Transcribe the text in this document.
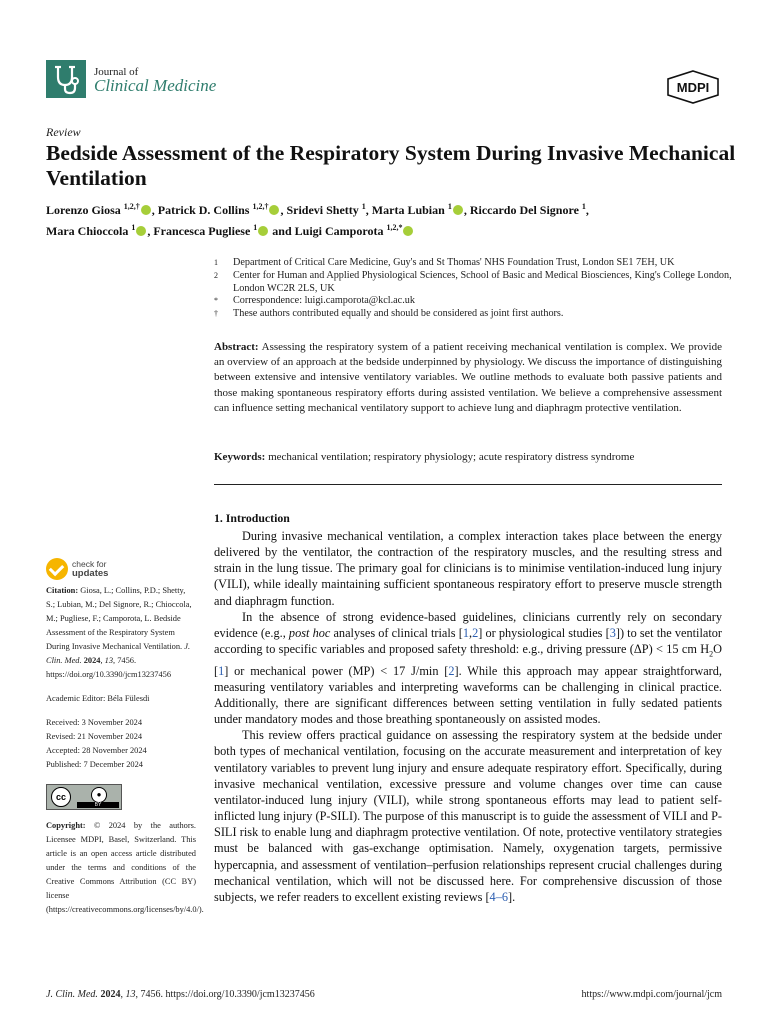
Journal of
Clinical Medicine	MDPI
Review
Bedside Assessment of the Respiratory System During Invasive Mechanical Ventilation
Lorenzo Giosa $^{1,2,\dagger}$ , Patrick D. Collins $^{1,2,\dagger}$ , Sridevi Shetty $^1$, Marta Lubian $^1$ , Riccardo Del Signore $^1$,
Mara Chioccola $^1$ , Francesca Pugliese $^1$ and Luigi Camporota $^{1,2,*}$
1	Department of Critical Care Medicine, Guy's and St Thomas' NHS Foundation Trust, London SE1 7EH, UK
2	Center for Human and Applied Physiological Sciences, School of Basic and Medical Biosciences, King's College London, London WC2R 2LS, UK
*	Correspondence: luigi.camporota@kcl.ac.uk
†	These authors contributed equally and should be considered as joint first authors.
Abstract: Assessing the respiratory system of a patient receiving mechanical ventilation is complex. We provide an overview of an approach at the bedside underpinned by physiology. We discuss the importance of distinguishing between extensive and intensive ventilatory variables. We outline methods to evaluate both passive patients and those making spontaneous respiratory efforts during assisted ventilation. We believe a comprehensive assessment can influence setting mechanical ventilatory support to achieve lung and diaphragm protective ventilation.
Keywords: mechanical ventilation; respiratory physiology; acute respiratory distress syndrome
check for
updates

Citation: Giosa, L.; Collins, P.D.; Shetty, S.; Lubian, M.; Del Signore, R.; Chioccola, M.; Pugliese, F.; Camporota, L. Bedside Assessment of the Respiratory System During Invasive Mechanical Ventilation. J. Clin. Med. 2024, 13, 7456. https://doi.org/10.3390/jcm13237456

Academic Editor: Béla Fülesdi

Received: 3 November 2024

Revised: 21 November 2024

Accepted: 28 November 2024

Published: 7 December 2024

cc	●
BY

Copyright: © 2024 by the authors. Licensee MDPI, Basel, Switzerland. This article is an open access article distributed under the terms and conditions of the Creative Commons Attribution (CC BY) license (https://creativecommons.org/licenses/by/4.0/).

1. Introduction

During invasive mechanical ventilation, a complex interaction takes place between the energy delivered by the ventilator, the contraction of the respiratory muscles, and the resulting stress and strain in the lung tissue. The primary goal for clinicians is to minimise ventilation-induced lung injury (VILI), while ideally maintaining sufficient spontaneous respiratory effort to preserve muscle strength and diaphragm function.

In the absence of strong evidence-based guidelines, clinicians currently rely on secondary evidence (e.g., post hoc analyses of clinical trials [1,2] or physiological studies [3]) to set the ventilator according to specific variables and proposed safety threshold: e.g., driving pressure (ΔP) < 15 cm $H_2O$ [1] or mechanical power (MP) < 17 J/min [2]. While this approach may appear straightforward, measuring ventilatory variables and interpreting waveforms can be challenging in clinical practice. Additionally, there are significant differences between setting ventilation in fully sedated patients under mandatory modes and those breathing spontaneously on assisted modes.

This review offers practical guidance on assessing the respiratory system at the bedside under both types of mechanical ventilation, focusing on the accurate measurement and interpretation of key ventilatory variables to prevent lung injury and ensure adequate respiratory effort. Specifically, during invasive mechanical ventilation, excessive pressure and volume changes over time can cause ventilator-induced lung injury (VILI), while strong spontaneous efforts may lead to patient self-inflicted lung injury (P-SILI). The purpose of this manuscript is to guide the assessment of VILI and P-SILI risk to enable lung and diaphragm protective ventilation. Of note, protective ventilatory strategies must be balanced with gas-exchange optimisation. Namely, oxygenation targets, permissive hypercapnia, and assessment of ventilation–perfusion relationships represent crucial challenges during mechanical ventilation, which will not be discussed here. For comprehensive discussion of those subjects, we refer readers to excellent existing reviews [4–6].

J. Clin. Med. 2024, 13, 7456. https://doi.org/10.3390/jcm13237456	https://www.mdpi.com/journal/jcm
